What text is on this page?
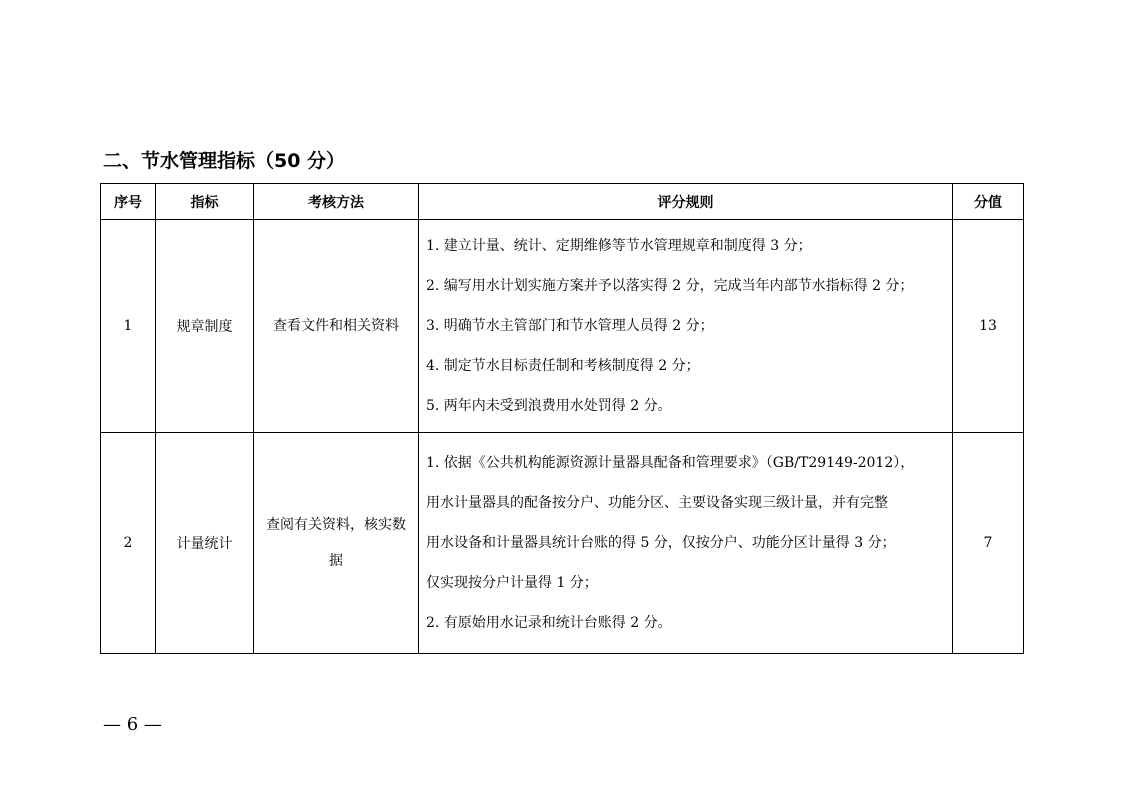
二、节水管理指标（50 分）
序号	指标	考核方法	评分规则	分值
1	规章制度	查看文件和相关资料	1. 建立计量、统计、定期维修等节水管理规章和制度得 3 分；
2. 编写用水计划实施方案并予以落实得 2 分，完成当年内部节水指标得 2 分；
3. 明确节水主管部门和节水管理人员得 2 分；
4. 制定节水目标责任制和考核制度得 2 分；
5. 两年内未受到浪费用水处罚得 2 分。	13
2	计量统计	查阅有关资料，核实数据	1. 依据《公共机构能源资源计量器具配备和管理要求》（GB/T29149-2012），
用水计量器具的配备按分户、功能分区、主要设备实现三级计量，并有完整
用水设备和计量器具统计台账的得 5 分，仅按分户、功能分区计量得 3 分；
仅实现按分户计量得 1 分；
2. 有原始用水记录和统计台账得 2 分。	7
— 6 —
